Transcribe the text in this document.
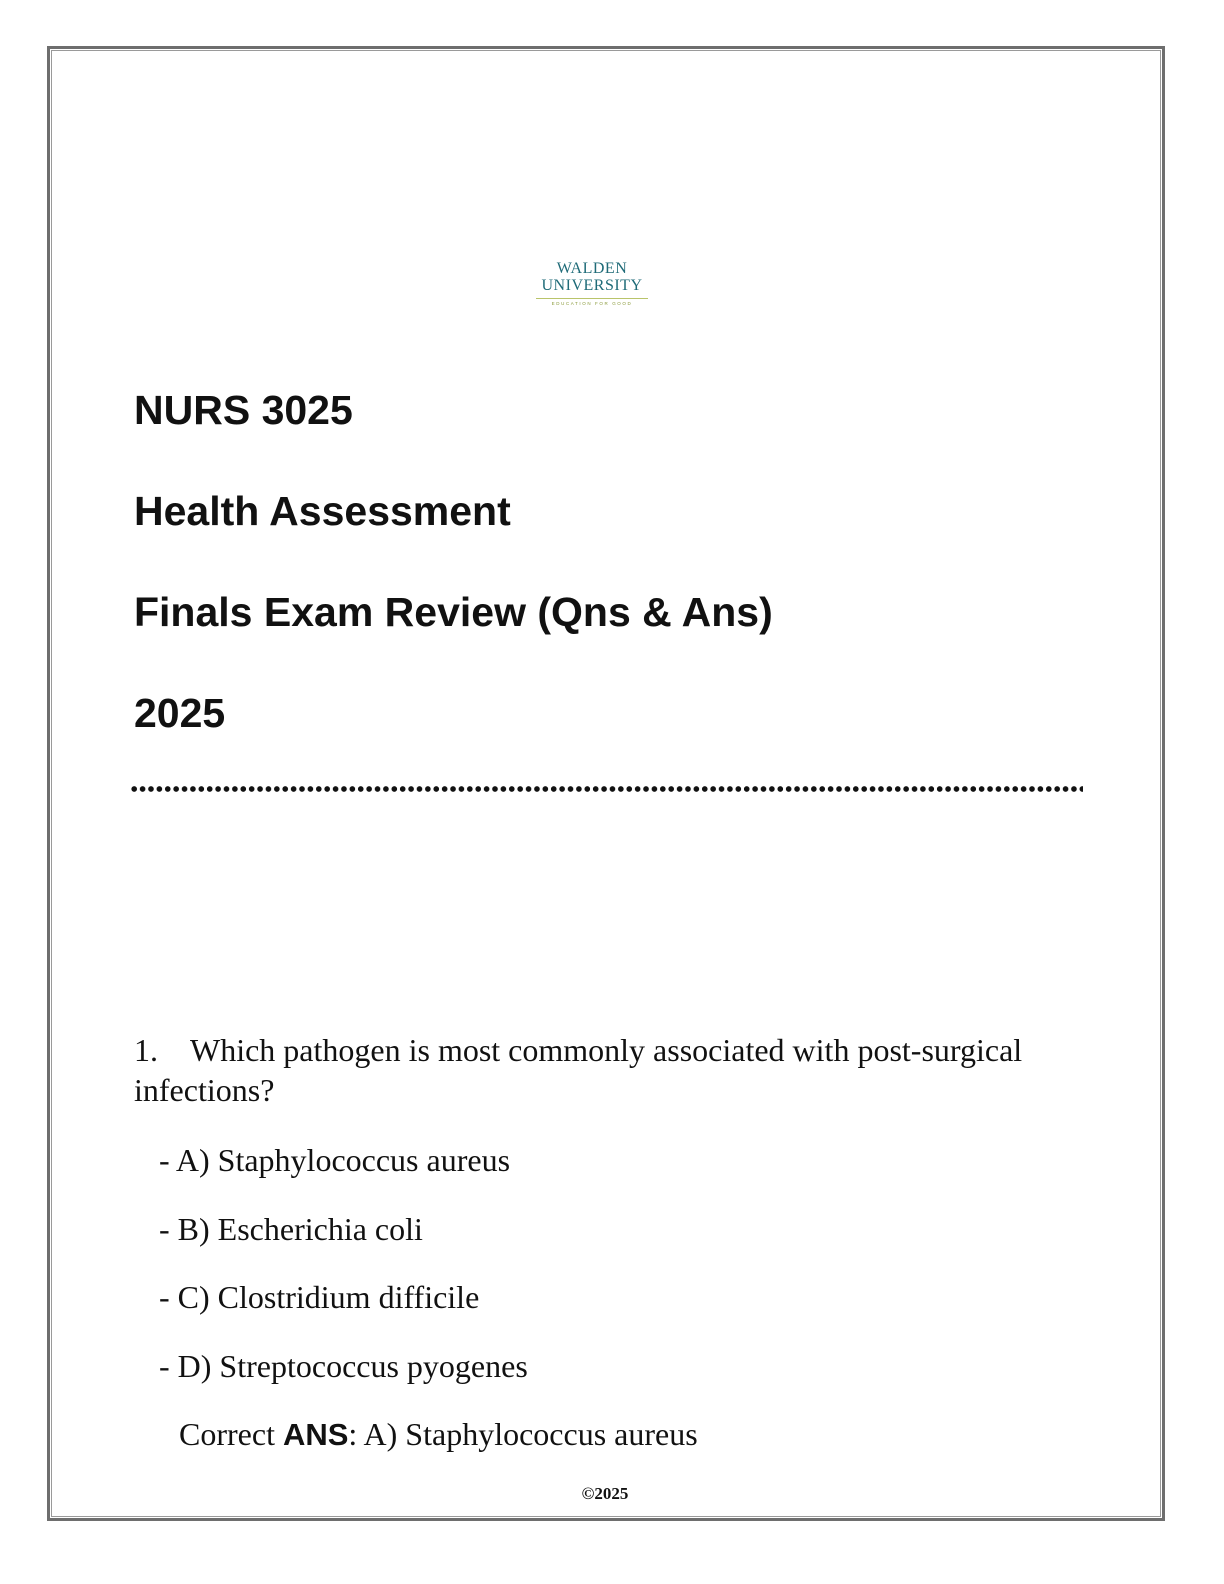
WALDEN
UNIVERSITY
EDUCATION FOR GOOD
NURS 3025
Health Assessment
Finals Exam Review (Qns & Ans)
2025

1. Which pathogen is most commonly associated with post-surgical infections?

- A) Staphylococcus aureus

- B) Escherichia coli

- C) Clostridium difficile

- D) Streptococcus pyogenes

Correct ANS: A) Staphylococcus aureus

©2025
